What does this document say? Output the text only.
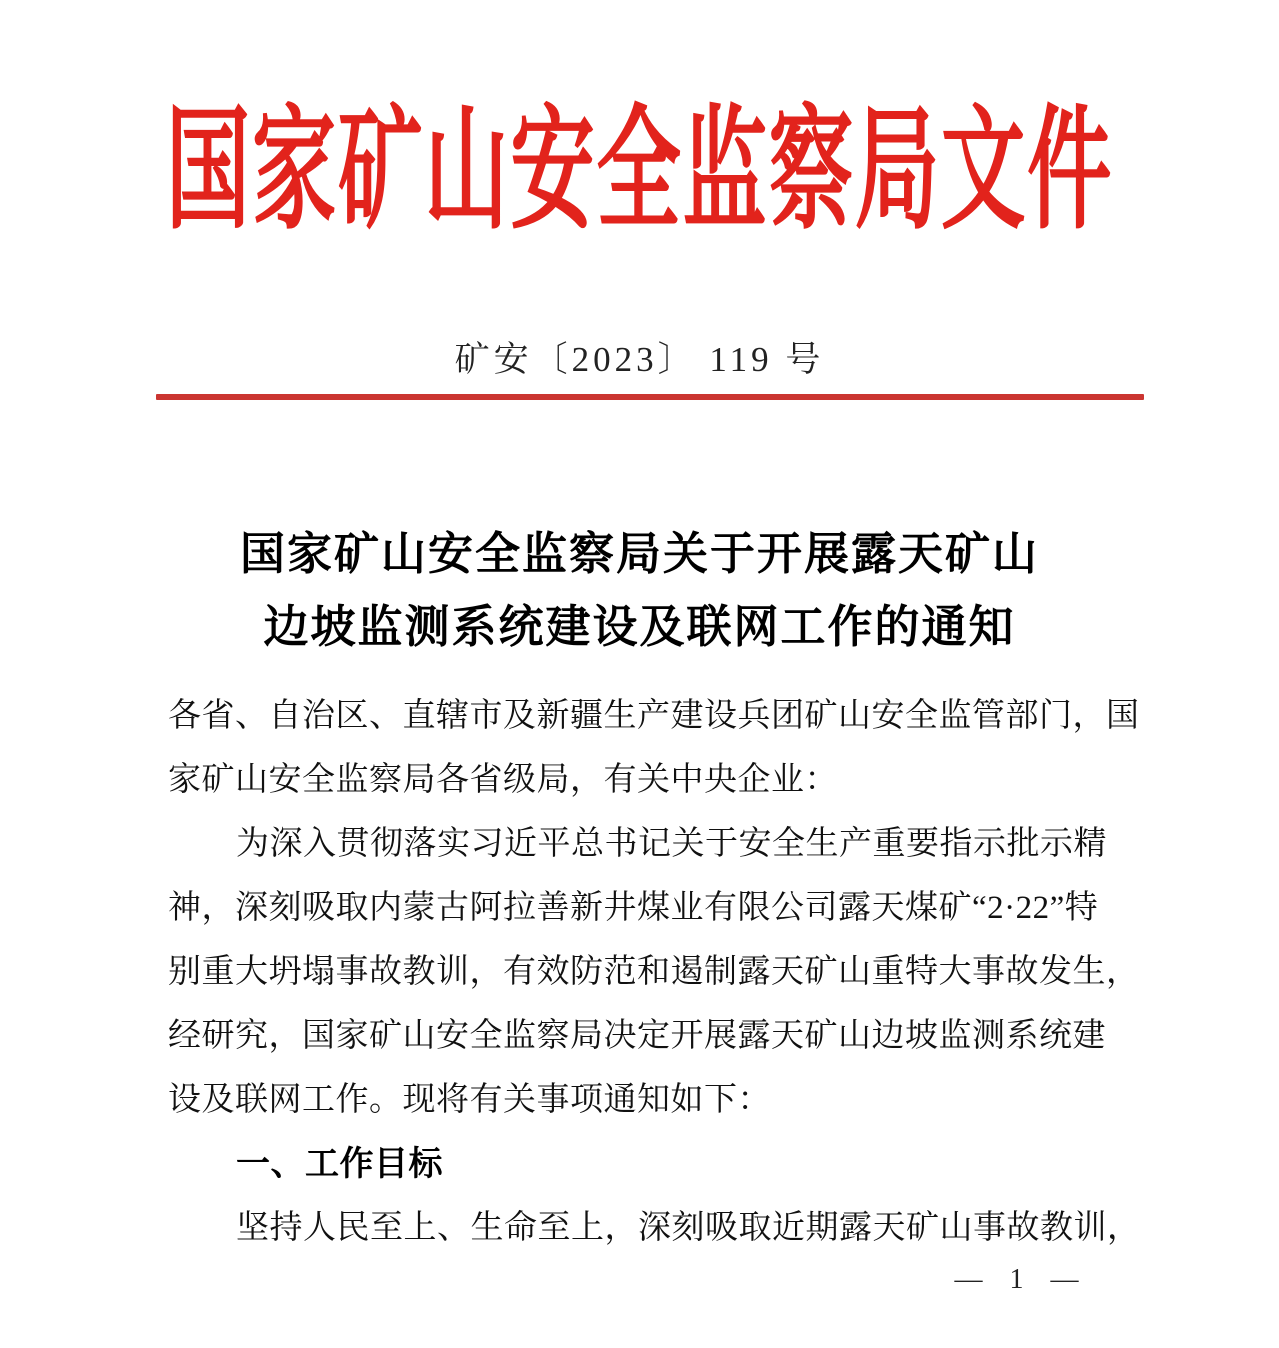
国家矿山安全监察局文件
矿安〔2023〕 119 号
国家矿山安全监察局关于开展露天矿山
边坡监测系统建设及联网工作的通知
各省、自治区、直辖市及新疆生产建设兵团矿山安全监管部门，国
家矿山安全监察局各省级局，有关中央企业：
为深入贯彻落实习近平总书记关于安全生产重要指示批示精
神，深刻吸取内蒙古阿拉善新井煤业有限公司露天煤矿“2·22”特
别重大坍塌事故教训，有效防范和遏制露天矿山重特大事故发生，
经研究，国家矿山安全监察局决定开展露天矿山边坡监测系统建
设及联网工作。现将有关事项通知如下：
一、工作目标
坚持人民至上、生命至上，深刻吸取近期露天矿山事故教训，
— 1 —
